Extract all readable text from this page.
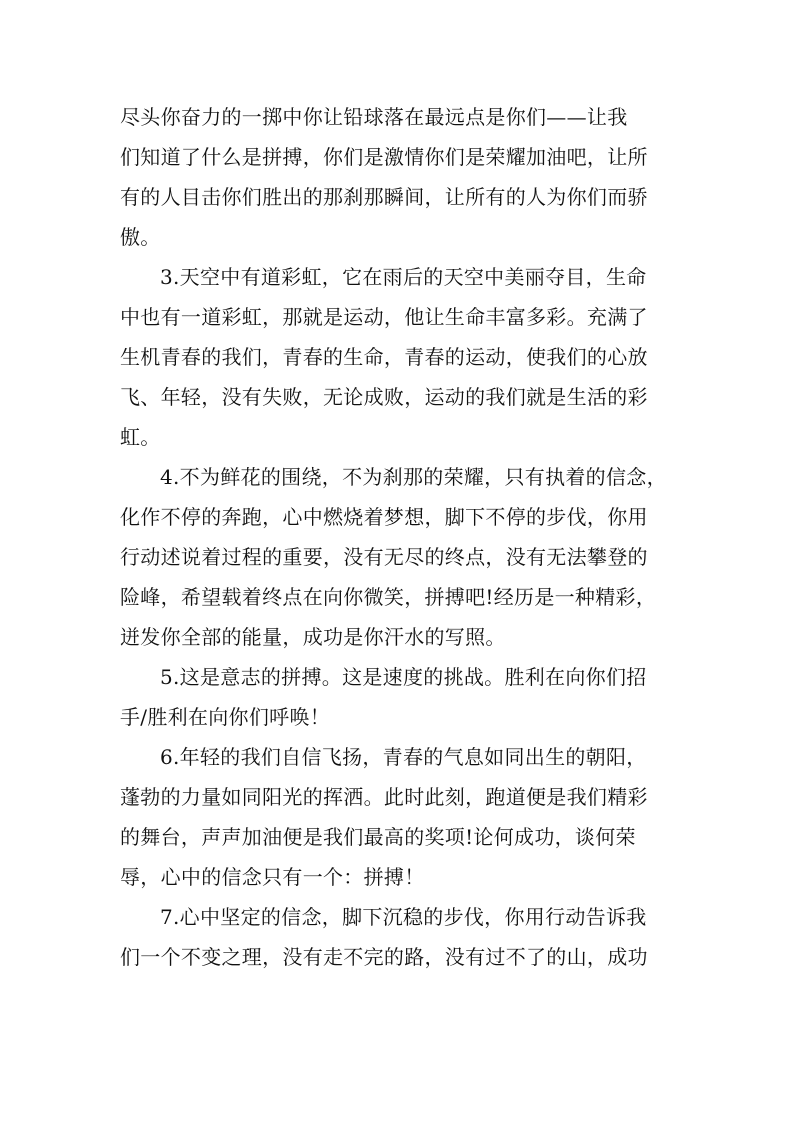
尽头你奋力的一掷中你让铅球落在最远点是你们——让我
们知道了什么是拼搏，你们是激情你们是荣耀加油吧，让所
有的人目击你们胜出的那刹那瞬间，让所有的人为你们而骄
傲。
3.天空中有道彩虹，它在雨后的天空中美丽夺目，生命
中也有一道彩虹，那就是运动，他让生命丰富多彩。充满了
生机青春的我们，青春的生命，青春的运动，使我们的心放
飞、年轻，没有失败，无论成败，运动的我们就是生活的彩
虹。
4.不为鲜花的围绕，不为刹那的荣耀，只有执着的信念，
化作不停的奔跑，心中燃烧着梦想，脚下不停的步伐，你用
行动述说着过程的重要，没有无尽的终点，没有无法攀登的
险峰，希望载着终点在向你微笑，拼搏吧!经历是一种精彩，
迸发你全部的能量，成功是你汗水的写照。
5.这是意志的拼搏。这是速度的挑战。胜利在向你们招
手/胜利在向你们呼唤！
6.年轻的我们自信飞扬，青春的气息如同出生的朝阳，
蓬勃的力量如同阳光的挥洒。此时此刻，跑道便是我们精彩
的舞台，声声加油便是我们最高的奖项!论何成功，谈何荣
辱，心中的信念只有一个：拼搏！
7.心中坚定的信念，脚下沉稳的步伐，你用行动告诉我
们一个不变之理，没有走不完的路，没有过不了的山，成功
